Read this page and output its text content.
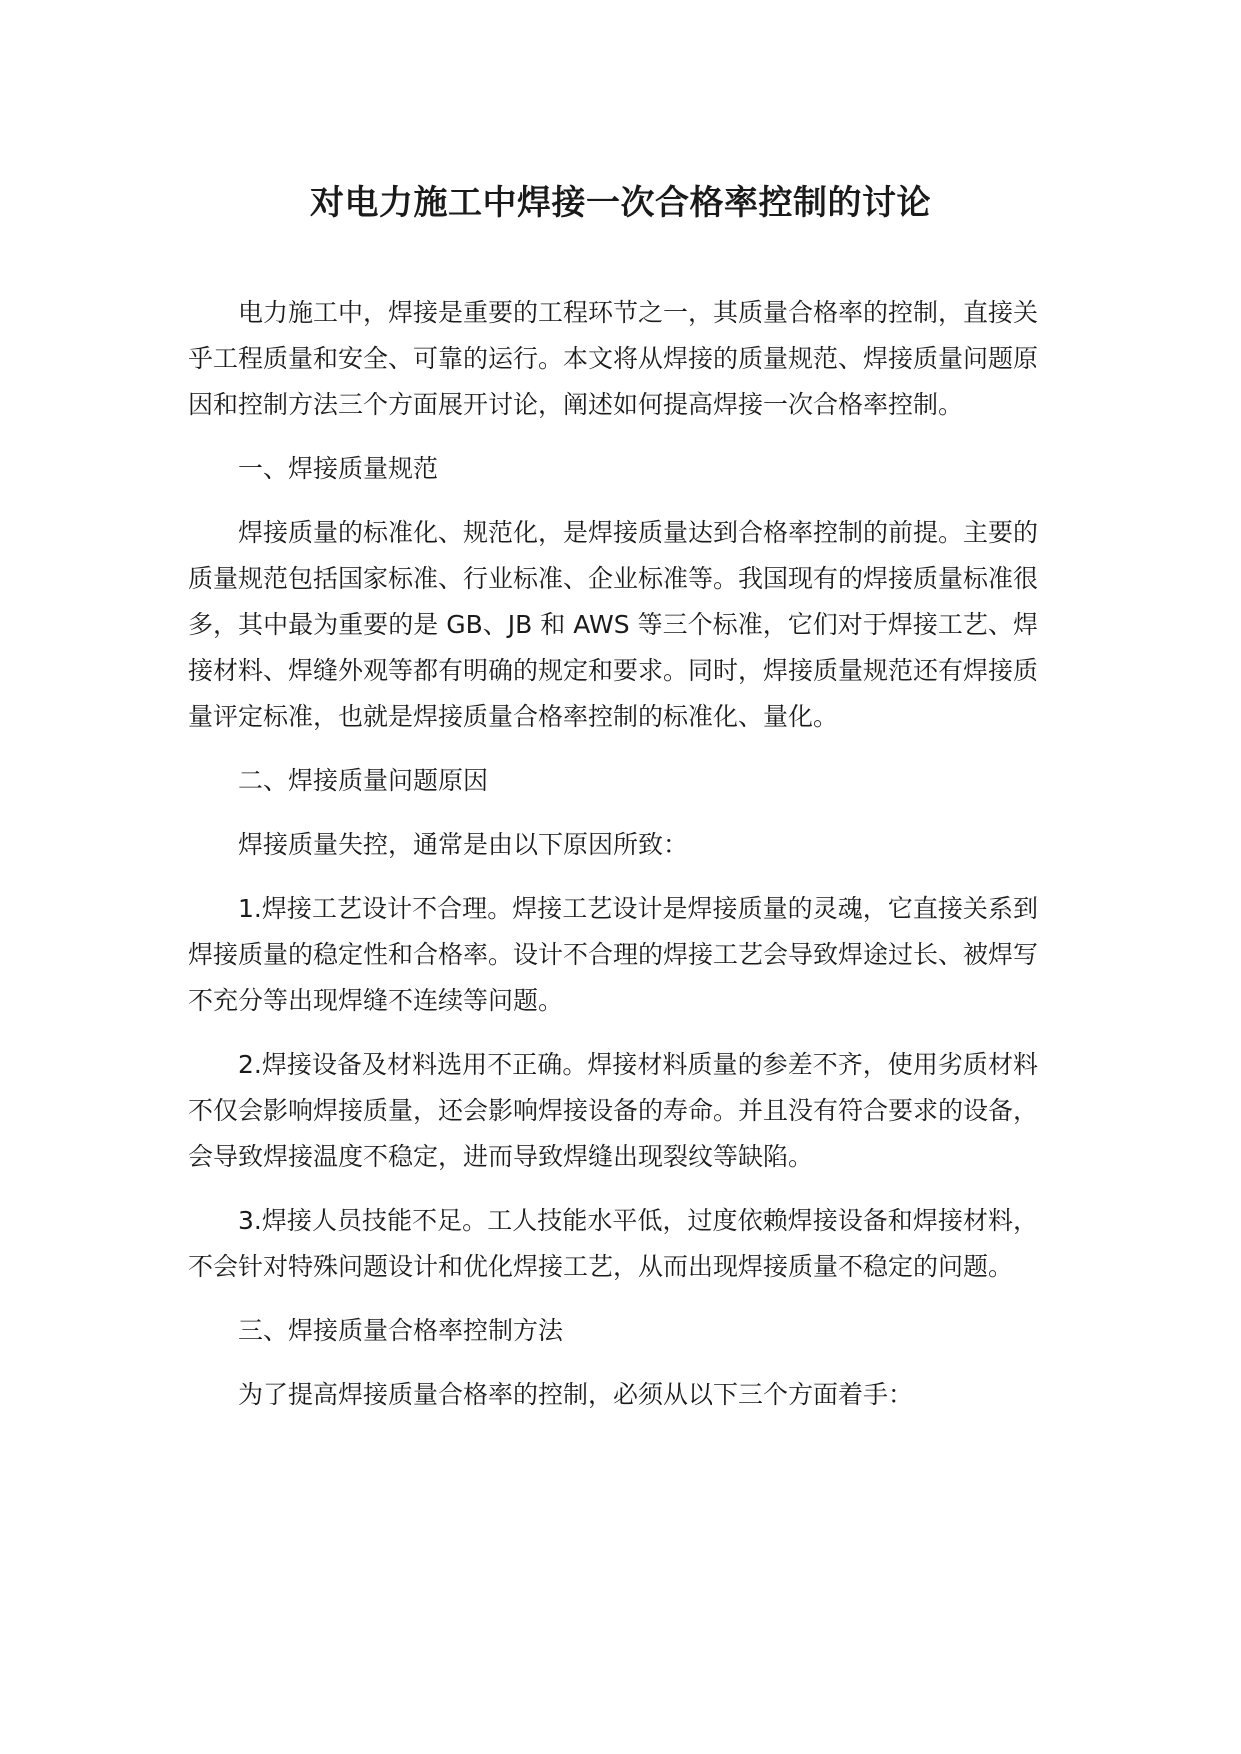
对电力施工中焊接一次合格率控制的讨论

电力施工中，焊接是重要的工程环节之一，其质量合格率的控制，直接关乎工程质量和安全、可靠的运行。本文将从焊接的质量规范、焊接质量问题原因和控制方法三个方面展开讨论，阐述如何提高焊接一次合格率控制。

一、焊接质量规范

焊接质量的标准化、规范化，是焊接质量达到合格率控制的前提。主要的质量规范包括国家标准、行业标准、企业标准等。我国现有的焊接质量标准很多，其中最为重要的是 GB、JB 和 AWS 等三个标准，它们对于焊接工艺、焊接材料、焊缝外观等都有明确的规定和要求。同时，焊接质量规范还有焊接质量评定标准，也就是焊接质量合格率控制的标准化、量化。

二、焊接质量问题原因

焊接质量失控，通常是由以下原因所致：

1.焊接工艺设计不合理。焊接工艺设计是焊接质量的灵魂，它直接关系到焊接质量的稳定性和合格率。设计不合理的焊接工艺会导致焊途过长、被焊写不充分等出现焊缝不连续等问题。

2.焊接设备及材料选用不正确。焊接材料质量的参差不齐，使用劣质材料不仅会影响焊接质量，还会影响焊接设备的寿命。并且没有符合要求的设备，会导致焊接温度不稳定，进而导致焊缝出现裂纹等缺陷。

3.焊接人员技能不足。工人技能水平低，过度依赖焊接设备和焊接材料，不会针对特殊问题设计和优化焊接工艺，从而出现焊接质量不稳定的问题。

三、焊接质量合格率控制方法

为了提高焊接质量合格率的控制，必须从以下三个方面着手：
